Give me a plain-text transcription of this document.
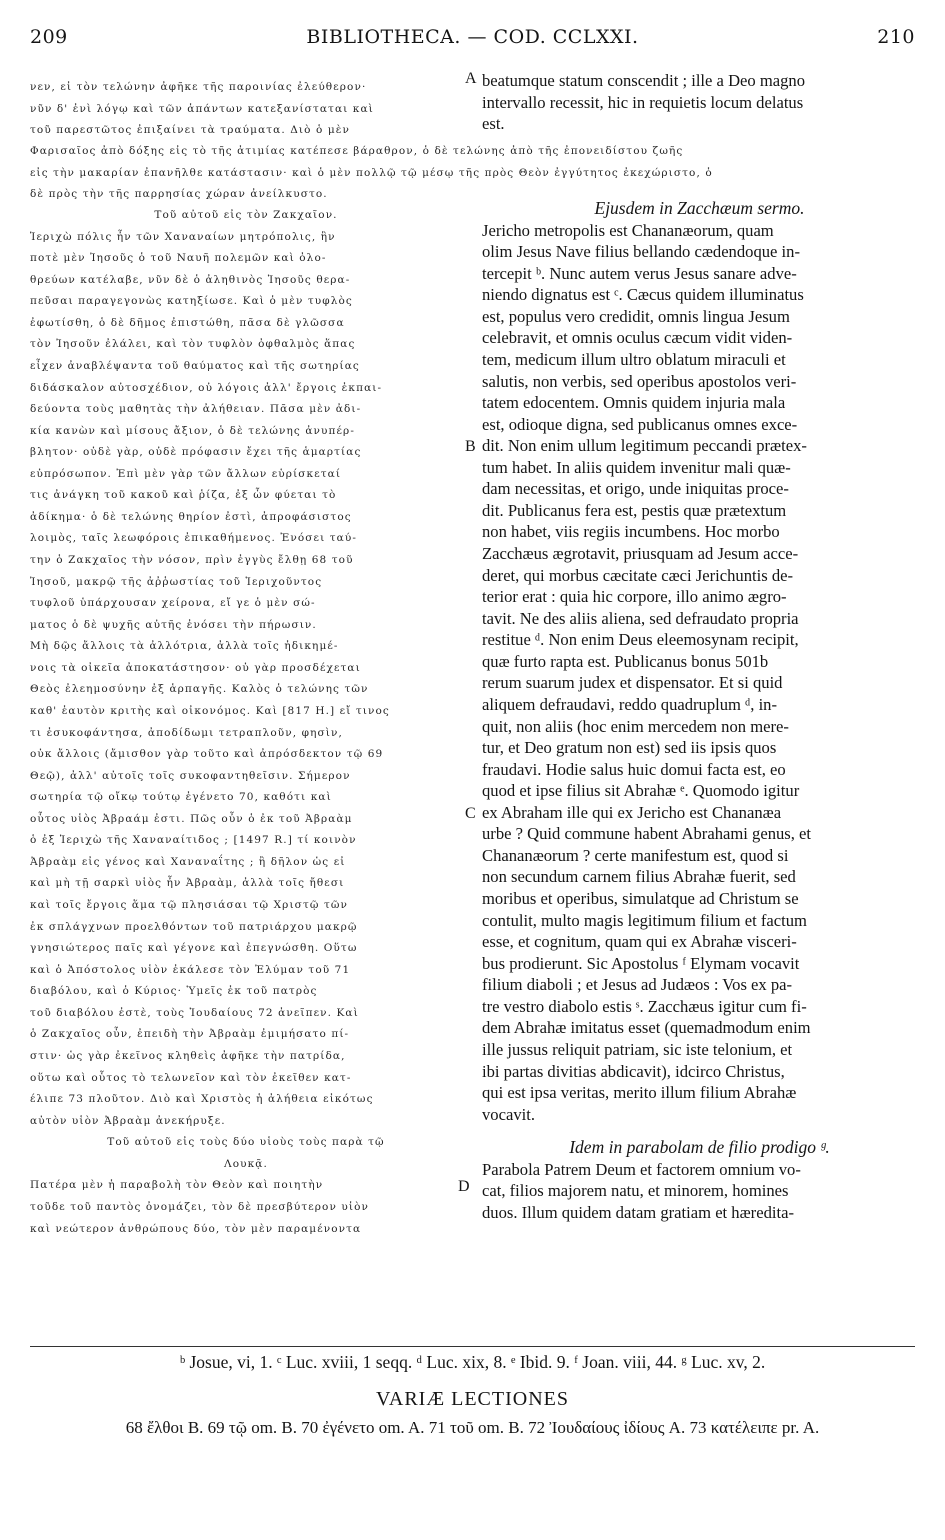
209	BIBLIOTHECA. — COD. CCLXXI.	210
νεν, εἰ τὸν τελώνην ἀφῆκε τῆς παροινίας ἐλεύθερον·
νῦν δ' ἐνὶ λόγῳ καὶ τῶν ἁπάντων κατεξανίσταται καὶ
τοῦ παρεστῶτος ἐπιξαίνει τὰ τραύματα. Διὸ ὁ μὲν
beatumque statum conscendit ; ille a Deo magno
intervallo recessit, hic in requietis locum delatus
est.
Φαρισαῖος ἀπὸ δόξης εἰς τὸ τῆς ἀτιμίας κατέπεσε βάραθρον, ὁ δὲ τελώνης ἀπὸ τῆς ἐπονειδίστου ζωῆς
εἰς τὴν μακαρίαν ἐπανῆλθε κατάστασιν· καὶ ὁ μὲν πολλῷ τῷ μέσῳ τῆς πρὸς Θεὸν ἐγγύτητος ἐκεχώριστο, ὁ
δὲ πρὸς τὴν τῆς παρρησίας χώραν ἀνείλκυστο.
A
B
C
D
Τοῦ αὐτοῦ εἰς τὸν Ζακχαῖον.
Ἱεριχὼ πόλις ἦν τῶν Χαναναίων μητρόπολις, ἣν
ποτὲ μὲν Ἰησοῦς ὁ τοῦ Ναυῆ πολεμῶν καὶ ὀλο-
θρεύων κατέλαβε, νῦν δὲ ὁ ἀληθινὸς Ἰησοῦς θερα-
πεῦσαι παραγεγονὼς κατηξίωσε. Καὶ ὁ μὲν τυφλὸς
ἐφωτίσθη, ὁ δὲ δῆμος ἐπιστώθη, πᾶσα δὲ γλῶσσα
τὸν Ἰησοῦν ἐλάλει, καὶ τὸν τυφλὸν ὀφθαλμὸς ἅπας
εἶχεν ἀναβλέψαντα τοῦ θαύματος καὶ τῆς σωτηρίας
διδάσκαλον αὐτοσχέδιον, οὐ λόγοις ἀλλ' ἔργοις ἐκπαι-
δεύοντα τοὺς μαθητὰς τὴν ἀλήθειαν. Πᾶσα μὲν ἀδι-
κία κανὼν καὶ μίσους ἄξιον, ὁ δὲ τελώνης ἀνυπέρ-
βλητον· οὐδὲ γὰρ, οὐδὲ πρόφασιν ἔχει τῆς ἁμαρτίας
εὐπρόσωπον. Ἐπὶ μὲν γὰρ τῶν ἄλλων εὑρίσκεταί
τις ἀνάγκη τοῦ κακοῦ καὶ ῥίζα, ἐξ ὧν φύεται τὸ
ἀδίκημα· ὁ δὲ τελώνης θηρίον ἐστὶ, ἀπροφάσιστος
λοιμὸς, ταῖς λεωφόροις ἐπικαθήμενος. Ἐνόσει ταύ-
την ὁ Ζακχαῖος τὴν νόσον, πρὶν ἐγγὺς ἔλθῃ 68 τοῦ
Ἰησοῦ, μακρῷ τῆς ἀῤῥωστίας τοῦ Ἱεριχοῦντος
τυφλοῦ ὑπάρχουσαν χείρονα, εἴ γε ὁ μὲν σώ-
ματος ὁ δὲ ψυχῆς αὐτῆς ἐνόσει τὴν πήρωσιν.
Μὴ δῷς ἄλλοις τὰ ἀλλότρια, ἀλλὰ τοῖς ἠδικημέ-
νοις τὰ οἰκεῖα ἀποκατάστησον· οὐ γὰρ προσδέχεται
Θεὸς ἐλεημοσύνην ἐξ ἁρπαγῆς. Καλὸς ὁ τελώνης τῶν
καθ' ἑαυτὸν κριτὴς καὶ οἰκονόμος. Καὶ [817 Η.] εἴ τινος
τι ἐσυκοφάντησα, ἀποδίδωμι τετραπλοῦν, φησὶν,
οὐκ ἄλλοις (ἄμισθον γὰρ τοῦτο καὶ ἀπρόσδεκτον τῷ 69
Θεῷ), ἀλλ' αὐτοῖς τοῖς συκοφαντηθεῖσιν. Σήμερον
σωτηρία τῷ οἴκῳ τούτῳ ἐγένετο 70, καθότι καὶ
οὗτος υἱὸς Ἀβραάμ ἐστι. Πῶς οὖν ὁ ἐκ τοῦ Ἀβραὰμ
ὁ ἐξ Ἱεριχὼ τῆς Χαναναίτιδος ; [1497 R.] τί κοινὸν
Ἀβραὰμ εἰς γένος καὶ Χαναναΐτης ; ἢ δῆλον ὡς εἰ
καὶ μὴ τῇ σαρκὶ υἱὸς ἦν Ἀβραὰμ, ἀλλὰ τοῖς ἤθεσι
καὶ τοῖς ἔργοις ἅμα τῷ πλησιάσαι τῷ Χριστῷ τῶν
ἐκ σπλάγχνων προελθόντων τοῦ πατριάρχου μακρῷ
γνησιώτερος παῖς καὶ γέγονε καὶ ἐπεγνώσθη. Οὕτω
καὶ ὁ Ἀπόστολος υἱὸν ἐκάλεσε τὸν Ἐλύμαν τοῦ 71
διαβόλου, καὶ ὁ Κύριος· Ὑμεῖς ἐκ τοῦ πατρὸς
τοῦ διαβόλου ἐστὲ, τοὺς Ἰουδαίους 72 ἀνεῖπεν. Καὶ
ὁ Ζακχαῖος οὖν, ἐπειδὴ τὴν Ἀβραὰμ ἐμιμήσατο πί-
στιν· ὡς γὰρ ἐκεῖνος κληθεὶς ἀφῆκε τὴν πατρίδα,
οὕτω καὶ οὗτος τὸ τελωνεῖον καὶ τὸν ἐκεῖθεν κατ-
έλιπε 73 πλοῦτον. Διὸ καὶ Χριστὸς ἡ ἀλήθεια εἰκότως
αὐτὸν υἱὸν Ἀβραὰμ ἀνεκήρυξε.
Τοῦ αὐτοῦ εἰς τοὺς δύο υἱοὺς τοὺς παρὰ τῷ
Λουκᾷ.
Πατέρα μὲν ἡ παραβολὴ τὸν Θεὸν καὶ ποιητὴν
τοῦδε τοῦ παντὸς ὀνομάζει, τὸν δὲ πρεσβύτερον υἱὸν
καὶ νεώτερον ἀνθρώπους δύο, τὸν μὲν παραμένοντα
Ejusdem in Zacchæum sermo.
Jericho metropolis est Chananæorum, quam
olim Jesus Nave filius bellando cædendoque in-
tercepit ᵇ. Nunc autem verus Jesus sanare adve-
niendo dignatus est ᶜ. Cæcus quidem illuminatus
est, populus vero credidit, omnis lingua Jesum
celebravit, et omnis oculus cæcum vidit viden-
tem, medicum illum ultro oblatum miraculi et
salutis, non verbis, sed operibus apostolos veri-
tatem edocentem. Omnis quidem injuria mala
est, odioque digna, sed publicanus omnes exce-
dit. Non enim ullum legitimum peccandi prætex-
tum habet. In aliis quidem invenitur mali quæ-
dam necessitas, et origo, unde iniquitas proce-
dit. Publicanus fera est, pestis quæ prætextum
non habet, viis regiis incumbens. Hoc morbo
Zacchæus ægrotavit, priusquam ad Jesum acce-
deret, qui morbus cæcitate cæci Jerichuntis de-
terior erat : quia hic corpore, illo animo ægro-
tavit. Ne des aliis aliena, sed defraudato propria
restitue ᵈ. Non enim Deus eleemosynam recipit,
quæ furto rapta est. Publicanus bonus 501b
rerum suarum judex et dispensator. Et si quid
aliquem defraudavi, reddo quadruplum ᵈ, in-
quit, non aliis (hoc enim mercedem non mere-
tur, et Deo gratum non est) sed iis ipsis quos
fraudavi. Hodie salus huic domui facta est, eo
quod et ipse filius sit Abrahæ ᵉ. Quomodo igitur
ex Abraham ille qui ex Jericho est Chananæa
urbe ? Quid commune habent Abrahami genus, et
Chananæorum ? certe manifestum est, quod si
non secundum carnem filius Abrahæ fuerit, sed
moribus et operibus, simulatque ad Christum se
contulit, multo magis legitimum filium et factum
esse, et cognitum, quam qui ex Abrahæ visceri-
bus prodierunt. Sic Apostolus ᶠ Elymam vocavit
filium diaboli ; et Jesus ad Judæos : Vos ex pa-
tre vestro diabolo estis ˢ. Zacchæus igitur cum fi-
dem Abrahæ imitatus esset (quemadmodum enim
ille jussus reliquit patriam, sic iste telonium, et
ibi partas divitias abdicavit), idcirco Christus,
qui est ipsa veritas, merito illum filium Abrahæ
vocavit.
Idem in parabolam de filio prodigo ᵍ.
Parabola Patrem Deum et factorem omnium vo-
cat, filios majorem natu, et minorem, homines
duos. Illum quidem datam gratiam et hæredita-
ᵇ Josue, vi, 1. ᶜ Luc. xviii, 1 seqq. ᵈ Luc. xix, 8. ᵉ Ibid. 9. ᶠ Joan. viii, 44. ᵍ Luc. xv, 2.
VARIÆ LECTIONES
68 ἔλθοι B. 69 τῷ om. B. 70 ἐγένετο om. A. 71 τοῦ om. B. 72 Ἰουδαίους ἰδίους A. 73 κατέλειπε pr. A.
